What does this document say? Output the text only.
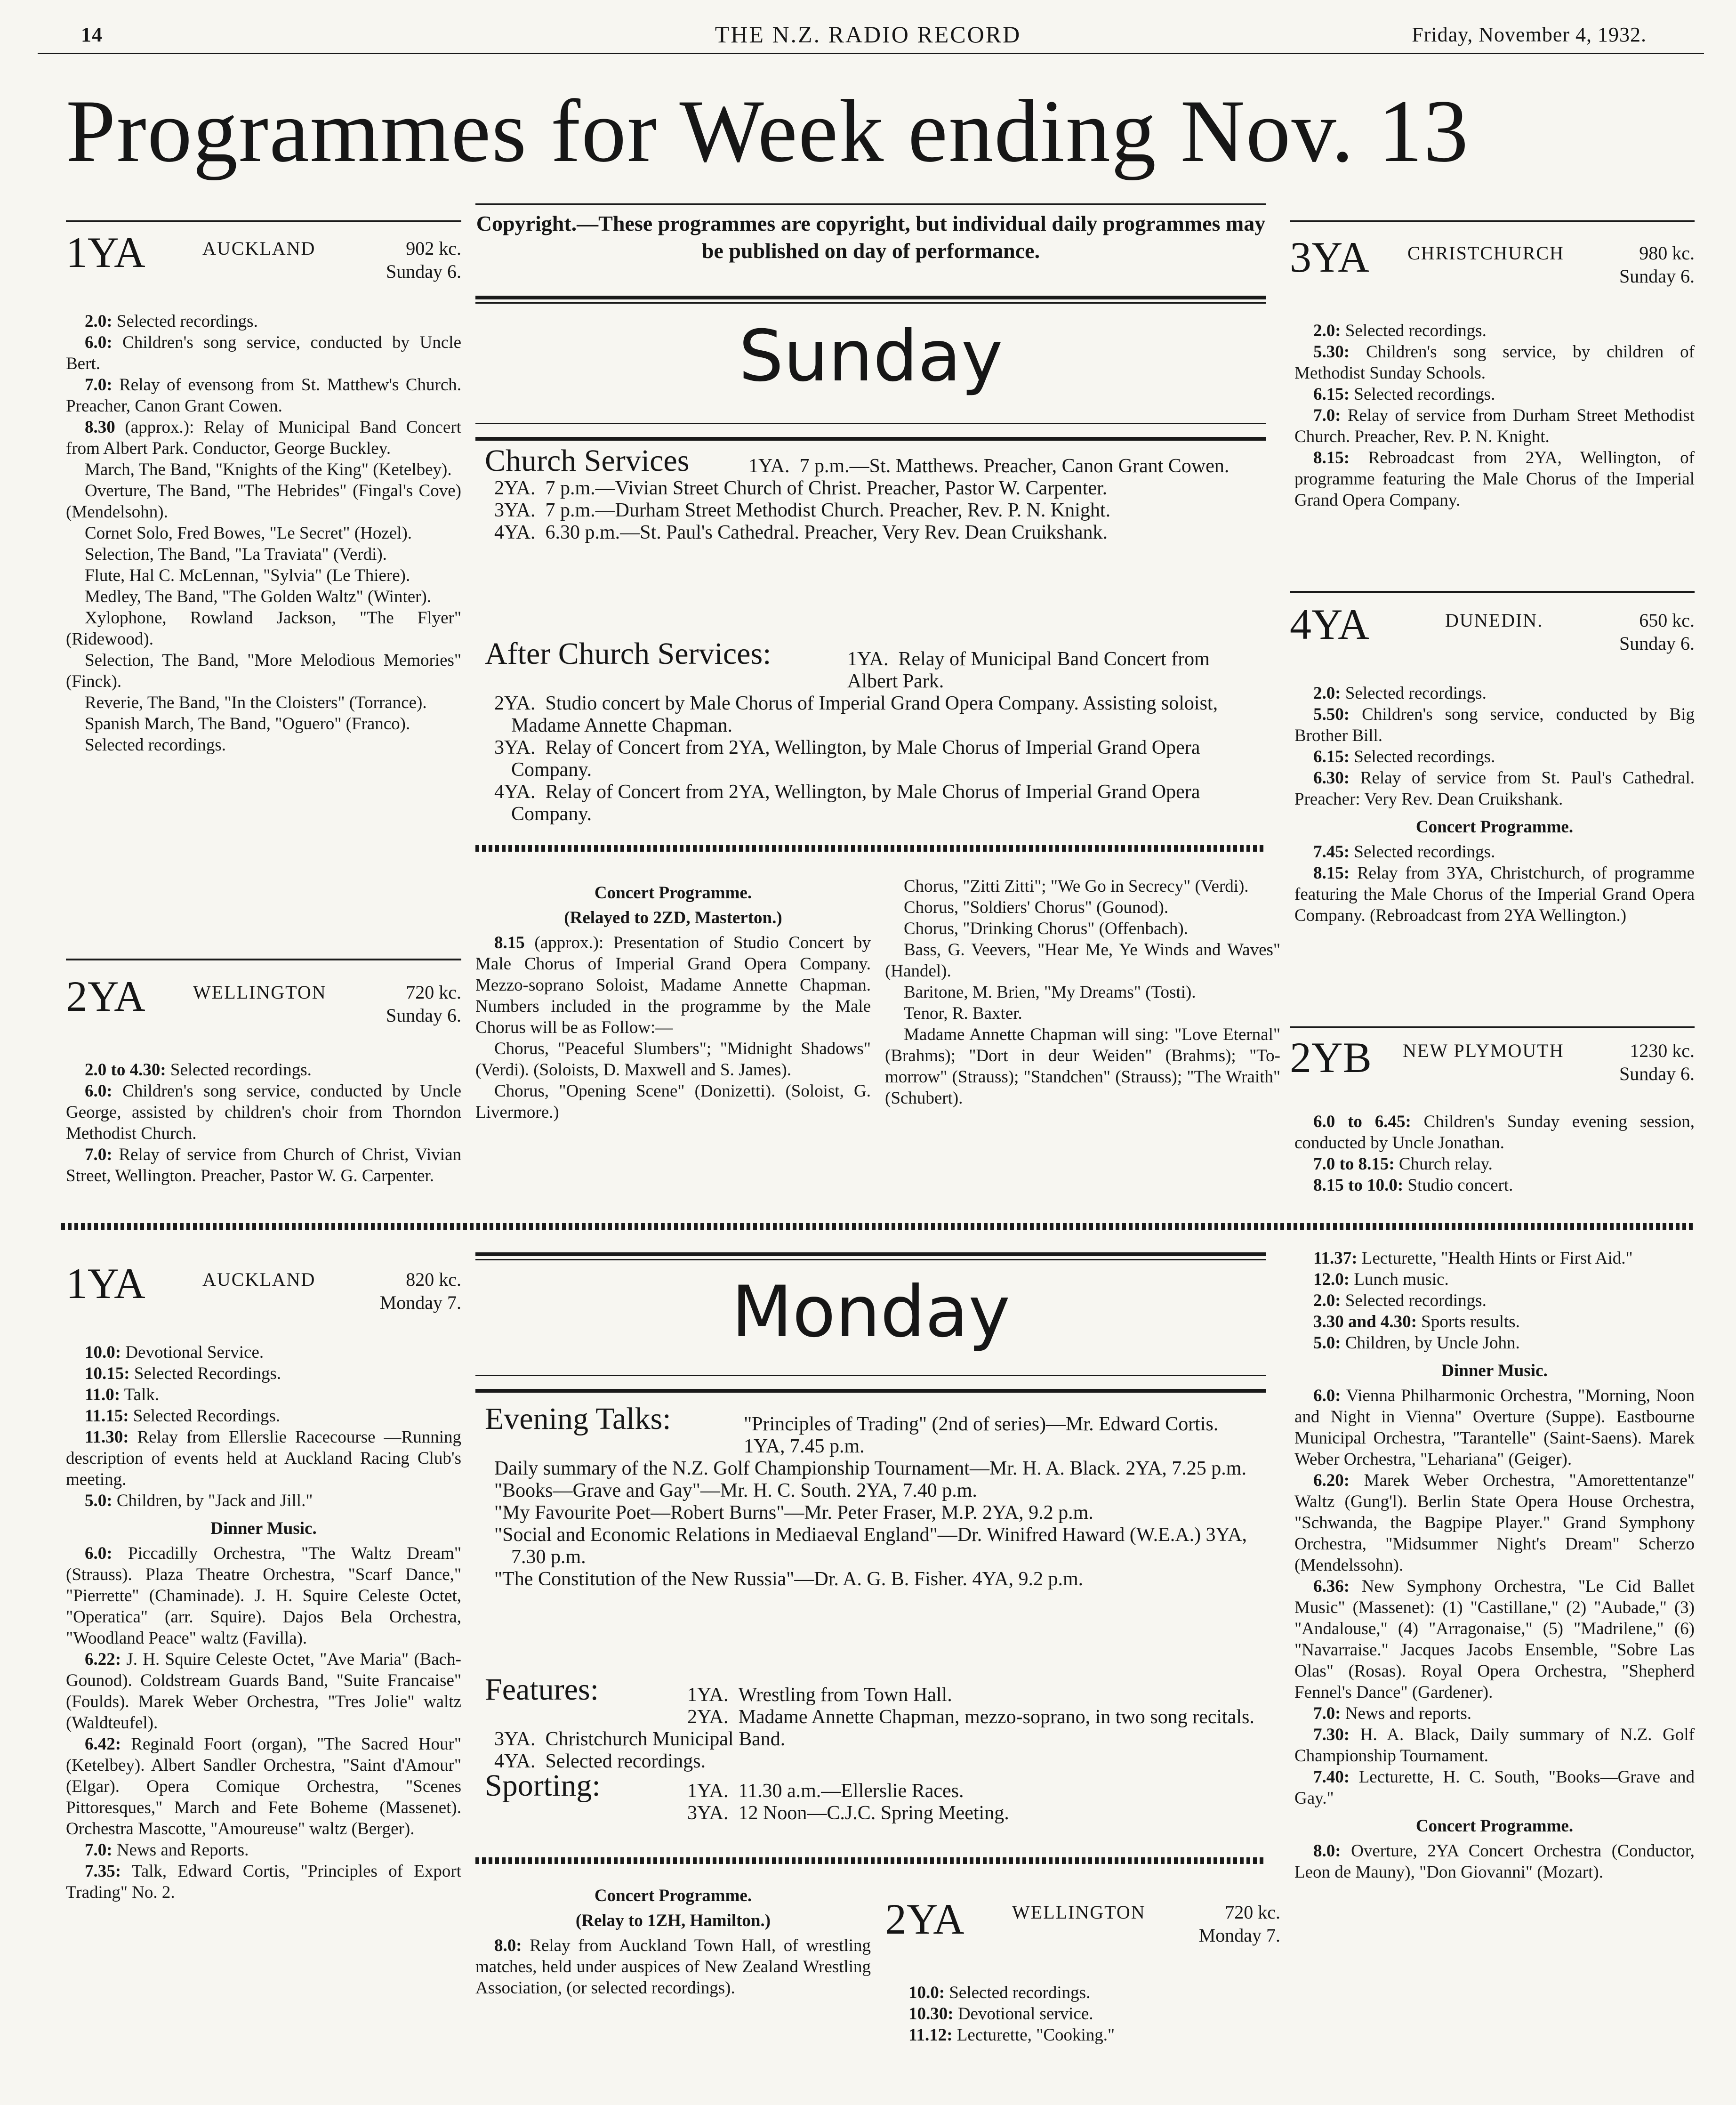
14	THE N.Z. RADIO RECORD	Friday, November 4, 1932.
Programmes for Week ending Nov. 13
1YA	AUCKLAND	902 kc.
Sunday 6.

2.0: Selected recordings.

6.0: Children's song service, conducted by Uncle Bert.

7.0: Relay of evensong from St. Matthew's Church. Preacher, Canon Grant Cowen.

8.30 (approx.): Relay of Municipal Band Concert from Albert Park. Conductor, George Buckley.

March, The Band, "Knights of the King" (Ketelbey).

Overture, The Band, "The Hebrides" (Fingal's Cove) (Mendelsohn).

Cornet Solo, Fred Bowes, "Le Secret" (Hozel).

Selection, The Band, "La Traviata" (Verdi).

Flute, Hal C. McLennan, "Sylvia" (Le Thiere).

Medley, The Band, "The Golden Waltz" (Winter).

Xylophone, Rowland Jackson, "The Flyer" (Ridewood).

Selection, The Band, "More Melodious Memories" (Finck).

Reverie, The Band, "In the Cloisters" (Torrance).

Spanish March, The Band, "Oguero" (Franco).

Selected recordings.

2YA	WELLINGTON	720 kc.
Sunday 6.

2.0 to 4.30: Selected recordings.

6.0: Children's song service, conducted by Uncle George, assisted by children's choir from Thorndon Methodist Church.

7.0: Relay of service from Church of Christ, Vivian Street, Wellington. Preacher, Pastor W. G. Carpenter.

Copyright.—These programmes are copyright, but individual daily programmes may be published on day of performance.
Sunday
Church Services	1YA. 7 p.m.—St. Matthews. Preacher, Canon Grant Cowen.

2YA. 7 p.m.—Vivian Street Church of Christ. Preacher, Pastor W. Carpenter.

3YA. 7 p.m.—Durham Street Methodist Church. Preacher, Rev. P. N. Knight.

4YA. 6.30 p.m.—St. Paul's Cathedral. Preacher, Very Rev. Dean Cruikshank.

After Church Services:	1YA. Relay of Municipal Band Concert from Albert Park.

2YA. Studio concert by Male Chorus of Imperial Grand Opera Company. Assisting soloist, Madame Annette Chapman.

3YA. Relay of Concert from 2YA, Wellington, by Male Chorus of Imperial Grand Opera Company.

4YA. Relay of Concert from 2YA, Wellington, by Male Chorus of Imperial Grand Opera Company.

Concert Programme.
(Relayed to 2ZD, Masterton.)

8.15 (approx.): Presentation of Studio Concert by Male Chorus of Imperial Grand Opera Company. Mezzo-soprano Soloist, Madame Annette Chapman. Numbers included in the programme by the Male Chorus will be as Follow:—

Chorus, "Peaceful Slumbers"; "Midnight Shadows" (Verdi). (Soloists, D. Maxwell and S. James).

Chorus, "Opening Scene" (Donizetti). (Soloist, G. Livermore.)

Chorus, "Zitti Zitti"; "We Go in Secrecy" (Verdi).

Chorus, "Soldiers' Chorus" (Gounod).

Chorus, "Drinking Chorus" (Offenbach).

Bass, G. Veevers, "Hear Me, Ye Winds and Waves" (Handel).

Baritone, M. Brien, "My Dreams" (Tosti).

Tenor, R. Baxter.

Madame Annette Chapman will sing: "Love Eternal" (Brahms); "Dort in deur Weiden" (Brahms); "To-morrow" (Strauss); "Standchen" (Strauss); "The Wraith" (Schubert).

3YA CHRISTCHURCH	980 kc.
Sunday 6.

2.0: Selected recordings.

5.30: Children's song service, by children of Methodist Sunday Schools.

6.15: Selected recordings.

7.0: Relay of service from Durham Street Methodist Church. Preacher, Rev. P. N. Knight.

8.15: Rebroadcast from 2YA, Wellington, of programme featuring the Male Chorus of the Imperial Grand Opera Company.

4YA	DUNEDIN.	650 kc.
Sunday 6.

2.0: Selected recordings.

5.50: Children's song service, conducted by Big Brother Bill.

6.15: Selected recordings.

6.30: Relay of service from St. Paul's Cathedral. Preacher: Very Rev. Dean Cruikshank.

Concert Programme.

7.45: Selected recordings.

8.15: Relay from 3YA, Christchurch, of programme featuring the Male Chorus of the Imperial Grand Opera Company. (Rebroadcast from 2YA Wellington.)

2YB NEW PLYMOUTH	1230 kc.
Sunday 6.

6.0 to 6.45: Children's Sunday evening session, conducted by Uncle Jonathan.

7.0 to 8.15: Church relay.

8.15 to 10.0: Studio concert.

1YA	AUCKLAND	820 kc.
Monday 7.

10.0: Devotional Service.

10.15: Selected Recordings.

11.0: Talk.

11.15: Selected Recordings.

11.30: Relay from Ellerslie Racecourse —Running description of events held at Auckland Racing Club's meeting.

5.0: Children, by "Jack and Jill."

Dinner Music.

6.0: Piccadilly Orchestra, "The Waltz Dream" (Strauss). Plaza Theatre Orchestra, "Scarf Dance," "Pierrette" (Chaminade). J. H. Squire Celeste Octet, "Operatica" (arr. Squire). Dajos Bela Orchestra, "Woodland Peace" waltz (Favilla).

6.22: J. H. Squire Celeste Octet, "Ave Maria" (Bach-Gounod). Coldstream Guards Band, "Suite Francaise" (Foulds). Marek Weber Orchestra, "Tres Jolie" waltz (Waldteufel).

6.42: Reginald Foort (organ), "The Sacred Hour" (Ketelbey). Albert Sandler Orchestra, "Saint d'Amour" (Elgar). Opera Comique Orchestra, "Scenes Pittoresques," March and Fete Boheme (Massenet). Orchestra Mascotte, "Amoureuse" waltz (Berger).

7.0: News and Reports.

7.35: Talk, Edward Cortis, "Principles of Export Trading" No. 2.

Monday
Evening Talks:	"Principles of Trading" (2nd of series)—Mr. Edward Cortis. 1YA, 7.45 p.m.

Daily summary of the N.Z. Golf Championship Tournament—Mr. H. A. Black. 2YA, 7.25 p.m.

"Books—Grave and Gay"—Mr. H. C. South. 2YA, 7.40 p.m.

"My Favourite Poet—Robert Burns"—Mr. Peter Fraser, M.P. 2YA, 9.2 p.m.

"Social and Economic Relations in Mediaeval England"—Dr. Winifred Haward (W.E.A.) 3YA, 7.30 p.m.

"The Constitution of the New Russia"—Dr. A. G. B. Fisher. 4YA, 9.2 p.m.

Features:	1YA. Wrestling from Town Hall.

2YA. Madame Annette Chapman, mezzo-soprano, in two song recitals.

3YA. Christchurch Municipal Band.

4YA. Selected recordings.

Sporting:	1YA. 11.30 a.m.—Ellerslie Races.
3YA. 12 Noon—C.J.C. Spring Meeting.
Concert Programme.
(Relay to 1ZH, Hamilton.)

8.0: Relay from Auckland Town Hall, of wrestling matches, held under auspices of New Zealand Wrestling Association, (or selected recordings).

2YA	WELLINGTON	720 kc.
Monday 7.

10.0: Selected recordings.

10.30: Devotional service.

11.12: Lecturette, "Cooking."

11.37: Lecturette, "Health Hints or First Aid."

12.0: Lunch music.

2.0: Selected recordings.

3.30 and 4.30: Sports results.

5.0: Children, by Uncle John.

Dinner Music.

6.0: Vienna Philharmonic Orchestra, "Morning, Noon and Night in Vienna" Overture (Suppe). Eastbourne Municipal Orchestra, "Tarantelle" (Saint-Saens). Marek Weber Orchestra, "Lehariana" (Geiger).

6.20: Marek Weber Orchestra, "Amorettentanze" Waltz (Gung'l). Berlin State Opera House Orchestra, "Schwanda, the Bagpipe Player." Grand Symphony Orchestra, "Midsummer Night's Dream" Scherzo (Mendelssohn).

6.36: New Symphony Orchestra, "Le Cid Ballet Music" (Massenet): (1) "Castillane," (2) "Aubade," (3) "Andalouse," (4) "Arragonaise," (5) "Madrilene," (6) "Navarraise." Jacques Jacobs Ensemble, "Sobre Las Olas" (Rosas). Royal Opera Orchestra, "Shepherd Fennel's Dance" (Gardener).

7.0: News and reports.

7.30: H. A. Black, Daily summary of N.Z. Golf Championship Tournament.

7.40: Lecturette, H. C. South, "Books—Grave and Gay."

Concert Programme.

8.0: Overture, 2YA Concert Orchestra (Conductor, Leon de Mauny), "Don Giovanni" (Mozart).
